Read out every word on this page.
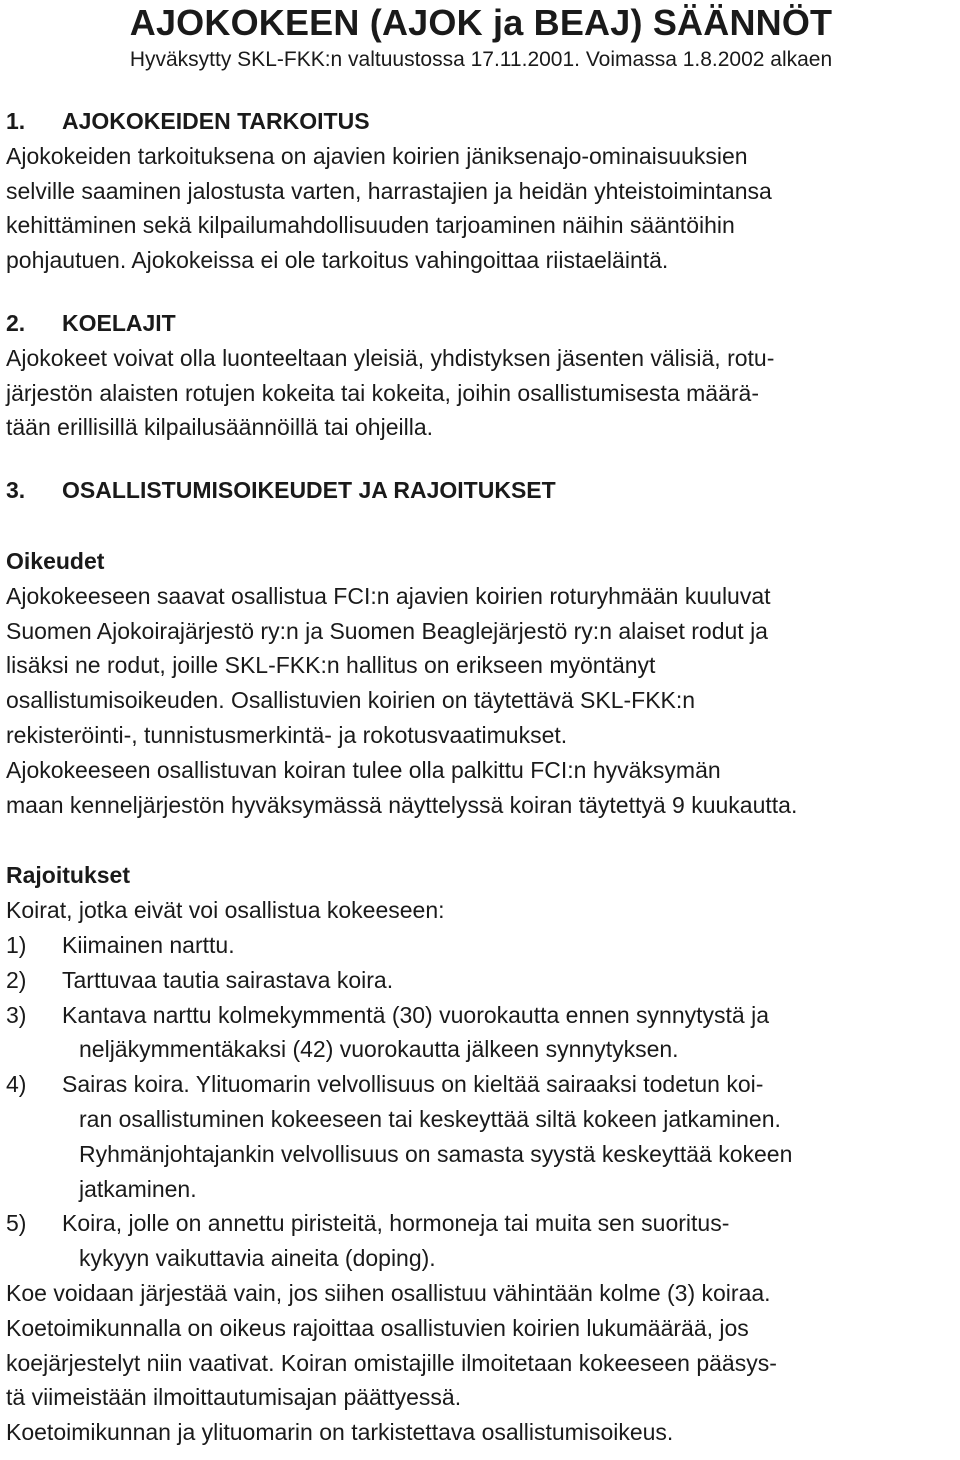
AJOKOKEEN (AJOK ja BEAJ) SÄÄNNÖT

Hyväksytty SKL-FKK:n valtuustossa 17.11.2001. Voimassa 1.8.2002 alkaen

1. AJOKOKEIDEN TARKOITUS
Ajokokeiden tarkoituksena on ajavien koirien jäniksenajo-ominaisuuksien
selville saaminen jalostusta varten, harrastajien ja heidän yhteistoimintansa
kehittäminen sekä kilpailumahdollisuuden tarjoaminen näihin sääntöihin
pohjautuen. Ajokokeissa ei ole tarkoitus vahingoittaa riistaeläintä.
2. KOELAJIT
Ajokokeet voivat olla luonteeltaan yleisiä, yhdistyksen jäsenten välisiä, rotu-
järjestön alaisten rotujen kokeita tai kokeita, joihin osallistumisesta määrä-
tään erillisillä kilpailusäännöillä tai ohjeilla.
3. OSALLISTUMISOIKEUDET JA RAJOITUKSET
Oikeudet
Ajokokeeseen saavat osallistua FCI:n ajavien koirien roturyhmään kuuluvat
Suomen Ajokoirajärjestö ry:n ja Suomen Beaglejärjestö ry:n alaiset rodut ja
lisäksi ne rodut, joille SKL-FKK:n hallitus on erikseen myöntänyt
osallistumisoikeuden. Osallistuvien koirien on täytettävä SKL-FKK:n
rekisteröinti-, tunnistusmerkintä- ja rokotusvaatimukset.
Ajokokeeseen osallistuvan koiran tulee olla palkittu FCI:n hyväksymän
maan kenneljärjestön hyväksymässä näyttelyssä koiran täytettyä 9 kuukautta.
Rajoitukset
Koirat, jotka eivät voi osallistua kokeeseen:
1) Kiimainen narttu.
2) Tarttuvaa tautia sairastava koira.
3) Kantava narttu kolmekymmentä (30) vuorokautta ennen synnytystä ja
neljäkymmentäkaksi (42) vuorokautta jälkeen synnytyksen.
4) Sairas koira. Ylituomarin velvollisuus on kieltää sairaaksi todetun koi-
ran osallistuminen kokeeseen tai keskeyttää siltä kokeen jatkaminen.
Ryhmänjohtajankin velvollisuus on samasta syystä keskeyttää kokeen
jatkaminen.
5) Koira, jolle on annettu piristeitä, hormoneja tai muita sen suoritus-
kykyyn vaikuttavia aineita (doping).
Koe voidaan järjestää vain, jos siihen osallistuu vähintään kolme (3) koiraa.
Koetoimikunnalla on oikeus rajoittaa osallistuvien koirien lukumäärää, jos
koejärjestelyt niin vaativat. Koiran omistajille ilmoitetaan kokeeseen pääsys-
tä viimeistään ilmoittautumisajan päättyessä.
Koetoimikunnan ja ylituomarin on tarkistettava osallistumisoikeus.
